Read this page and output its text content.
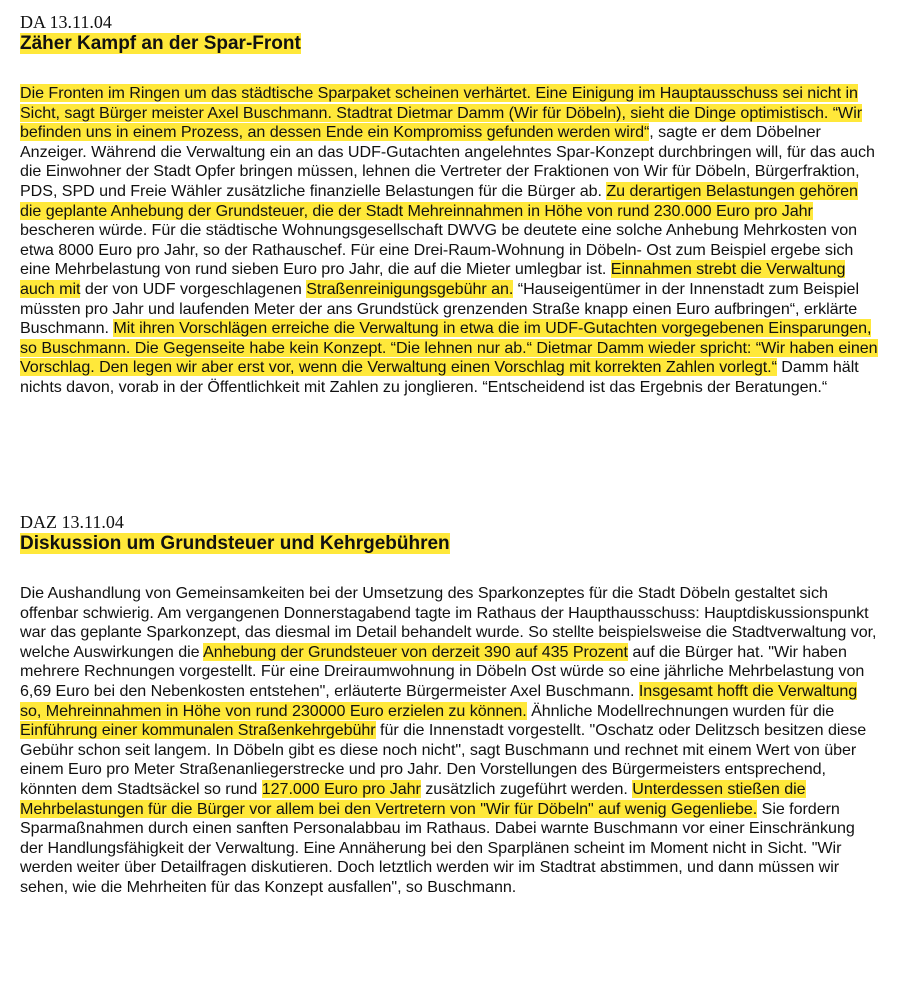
DA 13.11.04

Zäher Kampf an der Spar-Front

Die Fronten im Ringen um das städtische Sparpaket scheinen verhärtet. Eine Einigung im Hauptausschuss sei nicht in Sicht, sagt Bürger meister Axel Buschmann. Stadtrat Dietmar Damm (Wir für Döbeln), sieht die Dinge optimistisch. “Wir befinden uns in einem Prozess, an dessen Ende ein Kompromiss gefunden werden wird“, sagte er dem Döbelner Anzeiger. Während die Verwaltung ein an das UDF-Gutachten angelehntes Spar-Konzept durchbringen will, für das auch die Einwohner der Stadt Opfer bringen müssen, lehnen die Vertreter der Fraktionen von Wir für Döbeln, Bürgerfraktion, PDS, SPD und Freie Wähler zusätzliche finanzielle Belastungen für die Bürger ab. Zu derartigen Belastungen gehören die geplante Anhebung der Grundsteuer, die der Stadt Mehreinnahmen in Höhe von rund 230.000 Euro pro Jahr bescheren würde. Für die städtische Wohnungsgesellschaft DWVG be deutete eine solche Anhebung Mehrkosten von etwa 8000 Euro pro Jahr, so der Rathauschef. Für eine Drei-Raum-Wohnung in Döbeln- Ost zum Beispiel ergebe sich eine Mehrbelastung von rund sieben Euro pro Jahr, die auf die Mieter umlegbar ist. Einnahmen strebt die Verwaltung auch mit der von UDF vorgeschlagenen Straßenreinigungsgebühr an. “Hauseigentümer in der Innenstadt zum Beispiel müssten pro Jahr und laufenden Meter der ans Grundstück grenzenden Straße knapp einen Euro aufbringen“, erklärte Buschmann. Mit ihren Vorschlägen erreiche die Verwaltung in etwa die im UDF-Gutachten vorgegebenen Einsparungen, so Buschmann. Die Gegenseite habe kein Konzept. “Die lehnen nur ab.“ Dietmar Damm wieder spricht: “Wir haben einen Vorschlag. Den legen wir aber erst vor, wenn die Verwaltung einen Vorschlag mit korrekten Zahlen vorlegt.“ Damm hält nichts davon, vorab in der Öffentlichkeit mit Zahlen zu jonglieren. “Entscheidend ist das Ergebnis der Beratungen.“

DAZ 13.11.04

Diskussion um Grundsteuer und Kehrgebühren

Die Aushandlung von Gemeinsamkeiten bei der Umsetzung des Sparkonzeptes für die Stadt Döbeln gestaltet sich offenbar schwierig. Am vergangenen Donnerstagabend tagte im Rathaus der Haupthausschuss: Hauptdiskussionspunkt war das geplante Sparkonzept, das diesmal im Detail behandelt wurde. So stellte beispielsweise die Stadtverwaltung vor, welche Auswirkungen die Anhebung der Grundsteuer von derzeit 390 auf 435 Prozent auf die Bürger hat. "Wir haben mehrere Rechnungen vorgestellt. Für eine Dreiraumwohnung in Döbeln Ost würde so eine jährliche Mehrbelastung von 6,69 Euro bei den Nebenkosten entstehen", erläuterte Bürgermeister Axel Buschmann. Insgesamt hofft die Verwaltung so, Mehreinnahmen in Höhe von rund 230000 Euro erzielen zu können. Ähnliche Modellrechnungen wurden für die Einführung einer kommunalen Straßenkehrgebühr für die Innenstadt vorgestellt. "Oschatz oder Delitzsch besitzen diese Gebühr schon seit langem. In Döbeln gibt es diese noch nicht", sagt Buschmann und rechnet mit einem Wert von über einem Euro pro Meter Straßenanliegerstrecke und pro Jahr. Den Vorstellungen des Bürgermeisters entsprechend, könnten dem Stadtsäckel so rund 127.000 Euro pro Jahr zusätzlich zugeführt werden. Unterdessen stießen die Mehrbelastungen für die Bürger vor allem bei den Vertretern von "Wir für Döbeln" auf wenig Gegenliebe. Sie fordern Sparmaßnahmen durch einen sanften Personalabbau im Rathaus. Dabei warnte Buschmann vor einer Einschränkung der Handlungsfähigkeit der Verwaltung. Eine Annäherung bei den Sparplänen scheint im Moment nicht in Sicht. "Wir werden weiter über Detailfragen diskutieren. Doch letztlich werden wir im Stadtrat abstimmen, und dann müssen wir sehen, wie die Mehrheiten für das Konzept ausfallen", so Buschmann.
